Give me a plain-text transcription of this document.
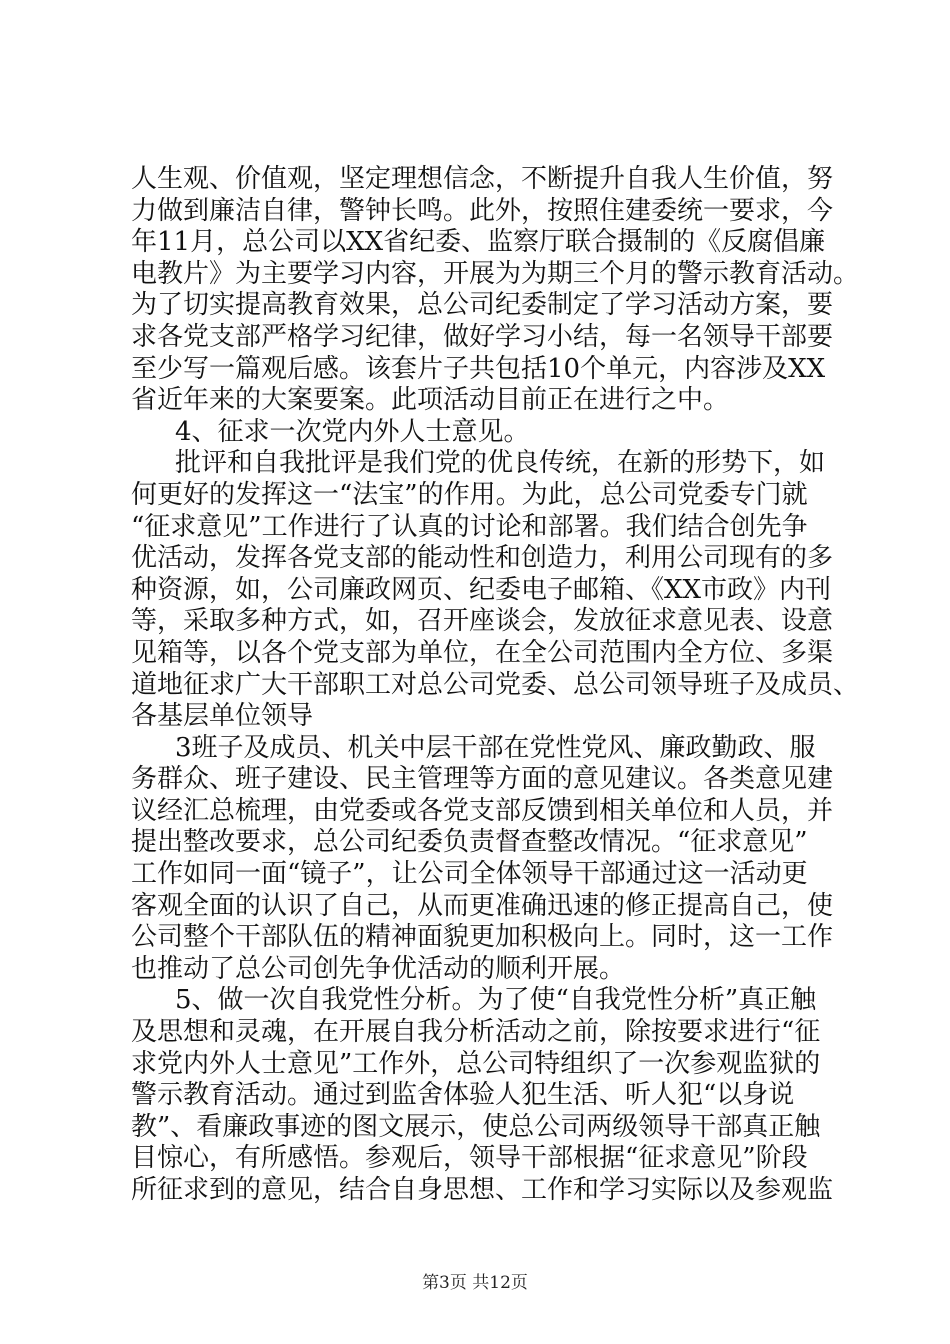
人生观、价值观，坚定理想信念，不断提升自我人生价值，努
力做到廉洁自律，警钟长鸣。此外，按照住建委统一要求，今
年11月，总公司以XX省纪委、监察厅联合摄制的《反腐倡廉
电教片》为主要学习内容，开展为为期三个月的警示教育活动。
为了切实提高教育效果，总公司纪委制定了学习活动方案，要
求各党支部严格学习纪律，做好学习小结，每一名领导干部要
至少写一篇观后感。该套片子共包括10个单元，内容涉及XX
省近年来的大案要案。此项活动目前正在进行之中。
4、征求一次党内外人士意见。
批评和自我批评是我们党的优良传统，在新的形势下，如
何更好的发挥这一“法宝”的作用。为此，总公司党委专门就
“征求意见”工作进行了认真的讨论和部署。我们结合创先争
优活动，发挥各党支部的能动性和创造力，利用公司现有的多
种资源，如，公司廉政网页、纪委电子邮箱、《XX市政》内刊
等，采取多种方式，如，召开座谈会，发放征求意见表、设意
见箱等，以各个党支部为单位，在全公司范围内全方位、多渠
道地征求广大干部职工对总公司党委、总公司领导班子及成员、
各基层单位领导
3班子及成员、机关中层干部在党性党风、廉政勤政、服
务群众、班子建设、民主管理等方面的意见建议。各类意见建
议经汇总梳理，由党委或各党支部反馈到相关单位和人员，并
提出整改要求，总公司纪委负责督查整改情况。“征求意见”
工作如同一面“镜子”，让公司全体领导干部通过这一活动更
客观全面的认识了自己，从而更准确迅速的修正提高自己，使
公司整个干部队伍的精神面貌更加积极向上。同时，这一工作
也推动了总公司创先争优活动的顺利开展。
5、做一次自我党性分析。为了使“自我党性分析”真正触
及思想和灵魂，在开展自我分析活动之前，除按要求进行“征
求党内外人士意见”工作外，总公司特组织了一次参观监狱的
警示教育活动。通过到监舍体验人犯生活、听人犯“以身说
教”、看廉政事迹的图文展示，使总公司两级领导干部真正触
目惊心，有所感悟。参观后，领导干部根据“征求意见”阶段
所征求到的意见，结合自身思想、工作和学习实际以及参观监
第3页 共12页
